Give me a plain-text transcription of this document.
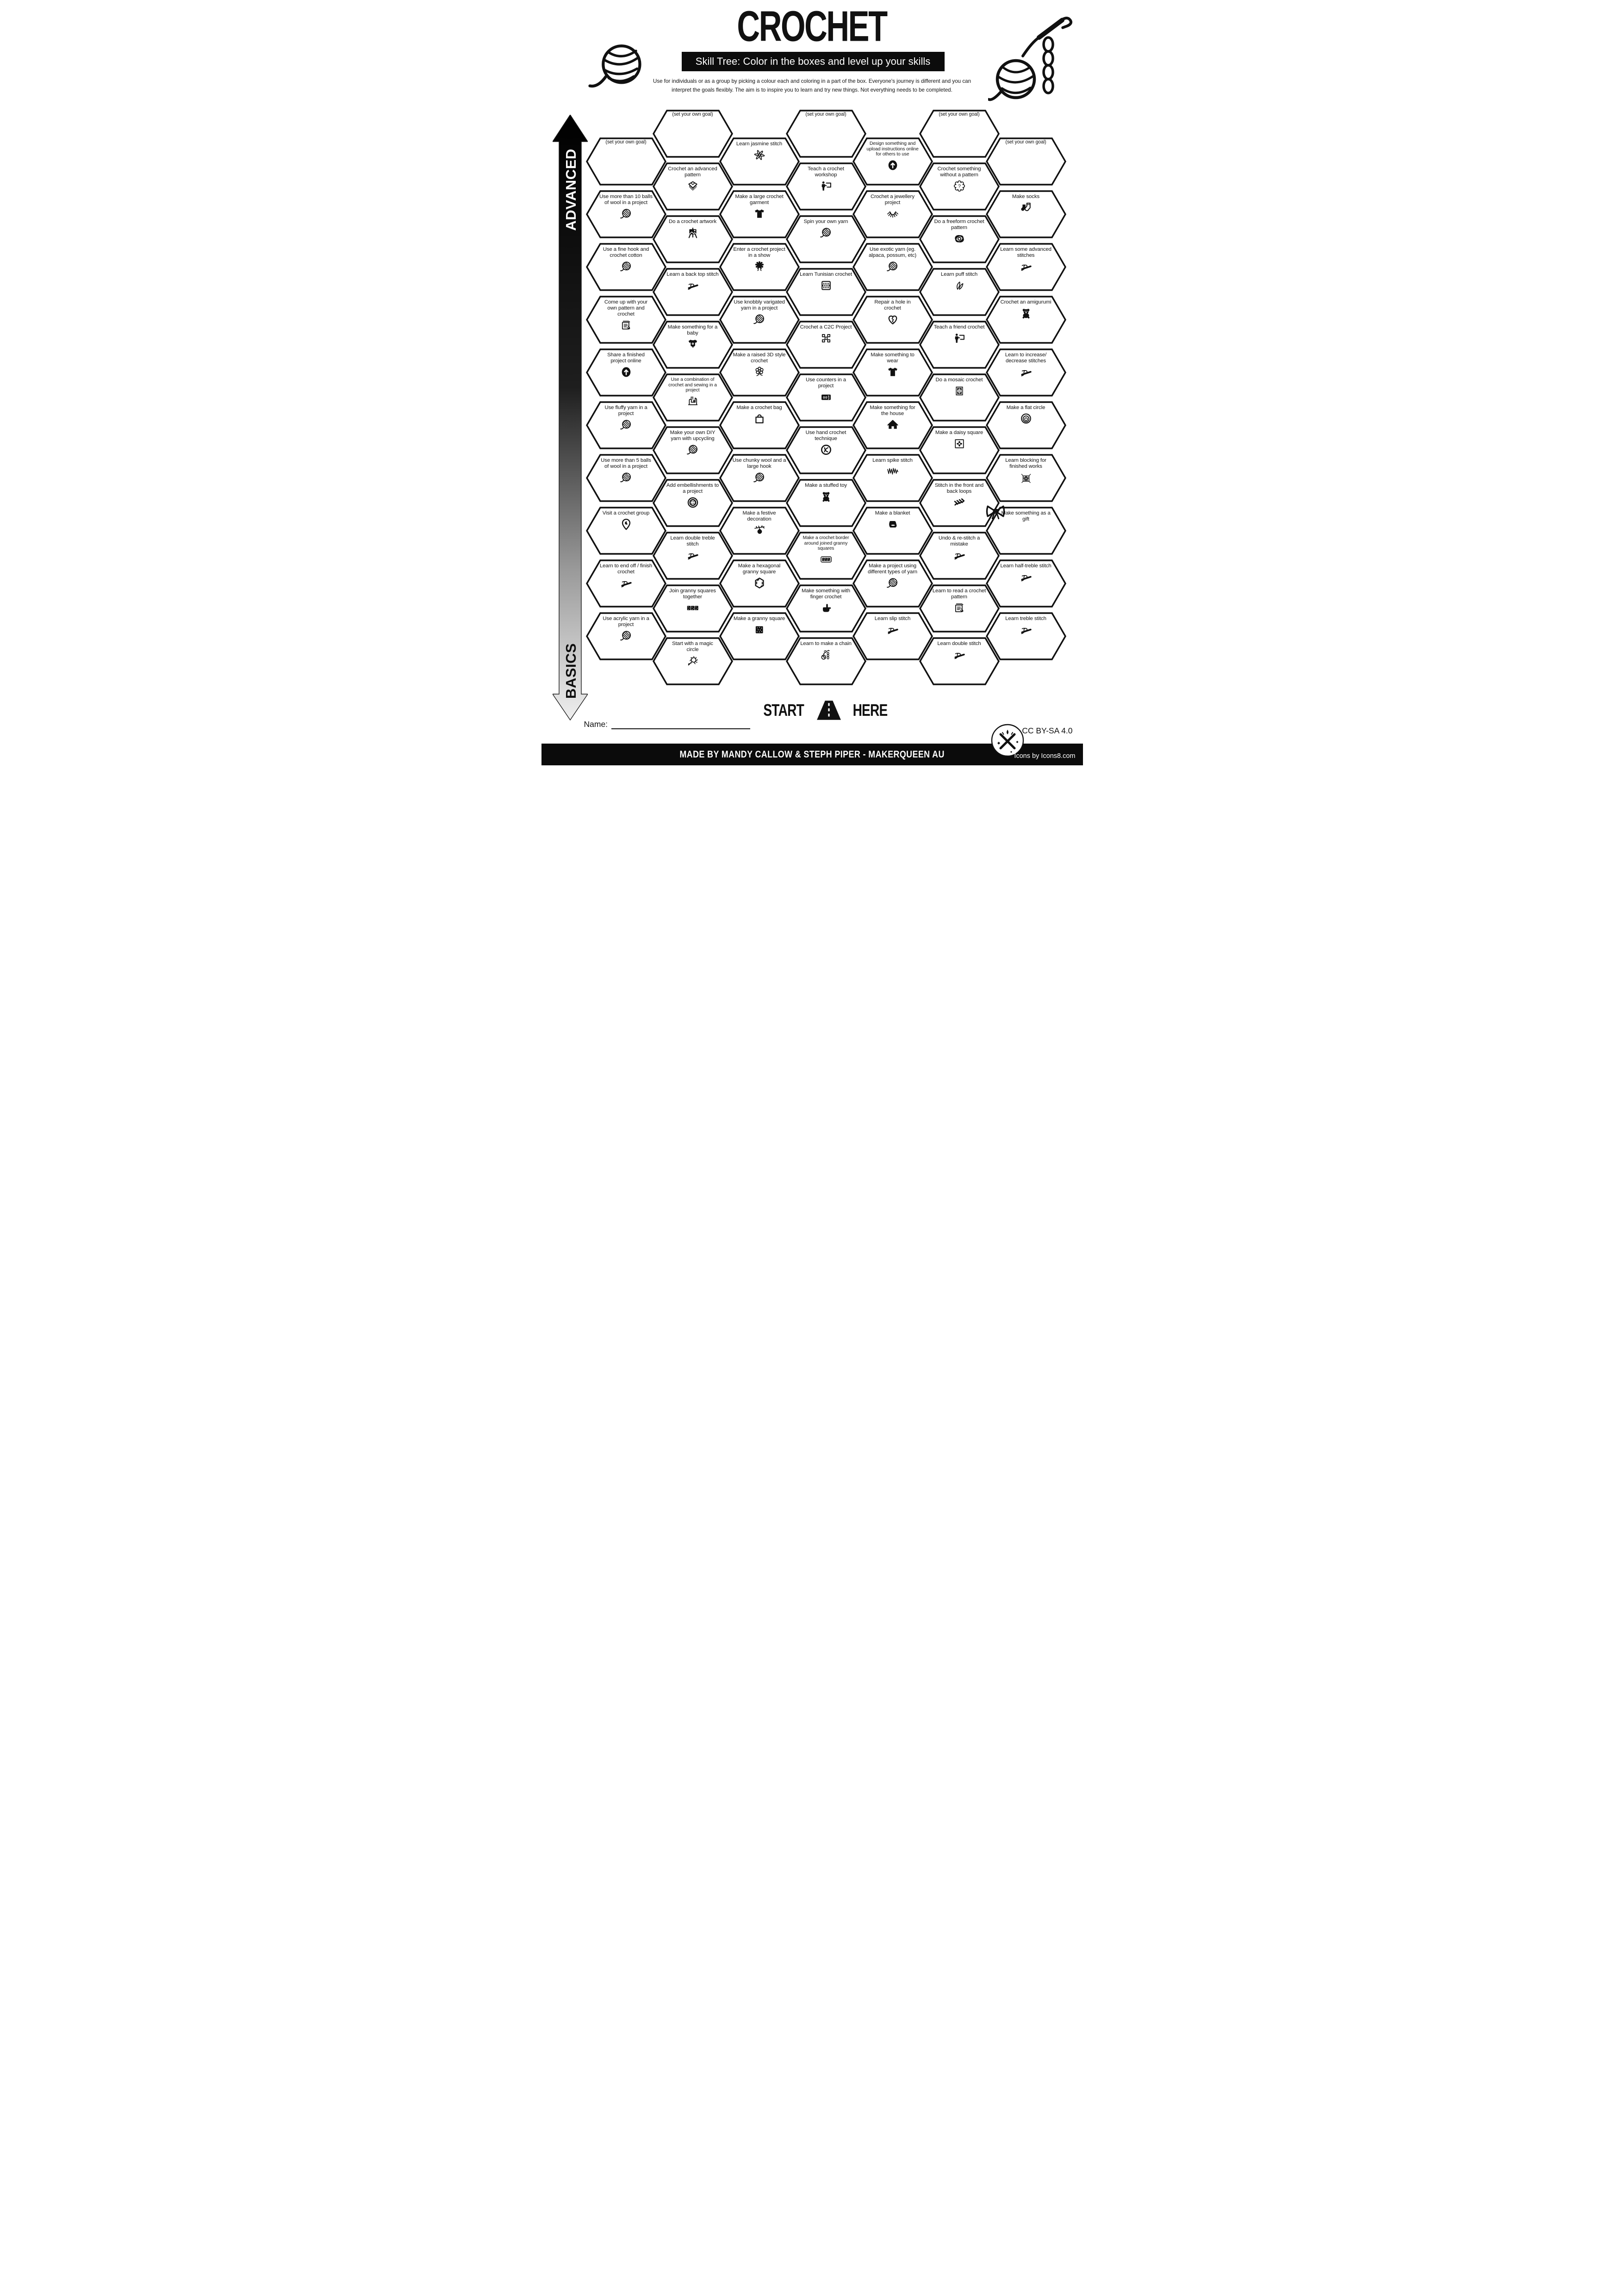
CROCHET
Skill Tree: Color in the boxes and level up your skills
Use for individuals or as a group by picking a colour each and coloring in a part of the box. Everyone's journey is different and you can
interpret the goals flexibly. The aim is to inspire you to learn and try new things. Not everything needs to be completed.
ADVANCED
BASICS
(set your own goal)
Use more than 10 balls of wool in a project
Use a fine hook and crochet cotton
Come up with your own pattern and crochet
Share a finished project online
Use fluffy yarn in a project
Use more than 5 balls of wool in a project
Visit a crochet group
Learn to end off / finish crochet
Use acrylic yarn in a project
(set your own goal)
Crochet an advanced pattern
Do a crochet artwork
Learn a back top stitch
Make something for a baby
Use a combination of crochet and sewing in a project
Make your own DIY yarn with upcycling
Add embellishments to a project
Learn double treble stitch
Join granny squares together
Start with a magic circle
Learn jasmine stitch
Make a large crochet garment
Enter a crochet project in a show
Use knobbly varigated yarn in a project
Make a raised 3D style crochet
Make a crochet bag
Use chunky wool and a large hook
Make a festive decoration
Make a hexagonal granny square
Make a granny square
(set your own goal)
Teach a crochet workshop
Spin your own yarn
Learn Tunisian crochet
Crochet a C2C Project
Use counters in a project
Use hand crochet technique
Make a stuffed toy
Make a crochet border around joined granny squares
Make something with finger crochet
Learn to make a chain
Design something and upload instructions online for others to use
Crochet a jewellery project
Use exotic yarn (eg. alpaca, possum, etc)
Repair a hole in crochet
Make something to wear
Make something for the house
Learn spike stitch
Make a blanket
Make a project using different types of yarn
Learn slip stitch
(set your own goal)
Crochet something without a pattern
Do a freeform crochet pattern
Learn puff stitch
Teach a friend crochet
Do a mosaic crochet
Make a daisy square
Stitch in the front and back loops
Undo & re-stitch a mistake
Learn to read a crochet pattern
Learn double stitch
(set your own goal)
Make socks
Learn some advanced stitches
Crochet an amigurumi
Learn to increase/ decrease stitches
Make a flat circle
Learn blocking for finished works
Make something as a gift
Learn half-treble stitch
Learn treble stitch
START	HERE
Name:
CC BY-SA 4.0
MADE BY MANDY CALLOW & STEPH PIPER - MAKERQUEEN AU	Icons by Icons8.com
